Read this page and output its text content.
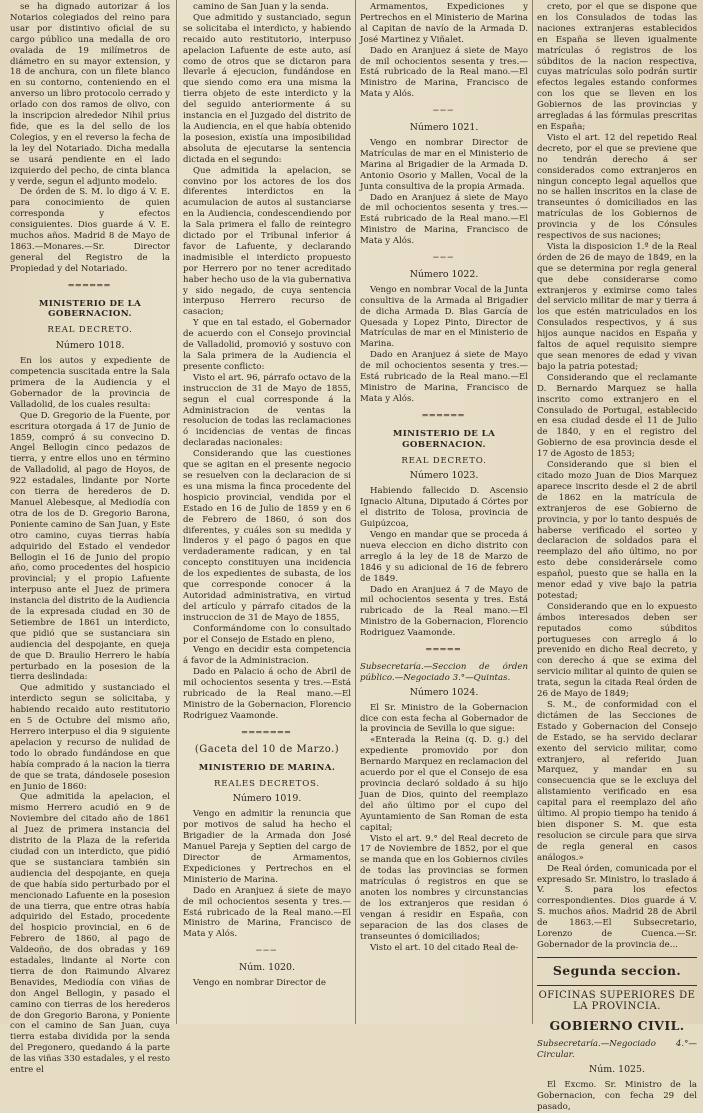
se ha dignado autorizar á los Notarios colegiados del reino para usar por distintivo oficial de su cargo público una medalla de oro ovalada de 19 milímetros de diámetro en su mayor extension, y 18 de anchura, con un filete blanco en su contorno, conteniendo en el anverso un libro protocolo cerrado y orlado con dos ramos de olivo, con la inscripcion alrededor Nihil prius fide, que es la del sello de los Colegios, y en el reverso la fecha de la ley del Notariado. Dicha medalla se usará pendiente en el lado izquierdo del pecho, de cinta blanca y verde, segun el adjunto modelo.

De órden de S. M. lo digo á V. E. para conocimiento de quien corresponda y efectos consiguientes. Dios guarde á V. E. muchos años. Madrid 8 de Mayo de 1863.—Monares.—Sr. Director general del Registro de la Propiedad y del Notariado.

══════

MINISTERIO DE LA GOBERNACION.

REAL DECRETO.

Número 1018.

En los autos y expediente de competencia suscitada entre la Sala primera de la Audiencia y el Gobernador de la provincia de Valladolid, de los cuales resulta:

Que D. Gregorio de la Fuente, por escritura otorgada á 17 de Junio de 1859, compró á su convecino D. Angel Bellogin cinco pedazos de tierra, y entre ellos uno en término de Valladolid, al pago de Hoyos, de 922 estadales, lindante por Norte con tierra de herederos de D. Manuel Alebesque, al Mediodía con otra de los de D. Gregorio Barona, Poniente camino de San Juan, y Este otro camino, cuyas tierras había adquirido del Estado el vendedor Bellogin el 16 de Junio del propio año, como procedentes del hospicio provincial; y el propio Lafuente interpuso ante el Juez de primera instancia del distrito de la Audiencia de la expresada ciudad en 30 de Setiembre de 1861 un interdicto, que pidió que se sustanciara sin audiencia del despojante, en queja de que D. Braulio Herrero le había perturbado en la posesion de la tierra deslindada:

Que admitido y sustanciado el interdicto segun se solicitaba, y habiendo recaido auto restitutorio en 5 de Octubre del mismo año, Herrero interpuso el dia 9 siguiente apelacion y recurso de nulidad de todo lo obrado fundándose en que había comprado á la nacion la tierra de que se trata, dándosele posesion en Junio de 1860:

Que admitida la apelacion, el mismo Herrero acudió en 9 de Noviembre del citado año de 1861 al Juez de primera instancia del distrito de la Plaza de la referida ciudad con un interdicto, que pidió que se sustanciara también sin audiencia del despojante, en queja de que había sido perturbado por el mencionado Lafuente en la posesion de una tierra, que entre otras había adquirido del Estado, procedente del hospicio provincial, en 6 de Febrero de 1860, al pago de Valdeoño, de dos obradas y 169 estadales, lindante al Norte con tierra de don Raimundo Alvarez Benavides, Mediodía con viñas de don Angel Bellogin, y pasado el camino con tierras de los herederos de don Gregorio Barona, y Poniente con el camino de San Juan, cuya tierra estaba dividida por la senda del Pregonero, quedando á la parte de las viñas 330 estadales, y el resto entre el

camino de San Juan y la senda.

Que admitido y sustanciado, segun se solicitaba el interdicto, y habiendo recaido auto restitutorio, interpuso apelacion Lafuente de este auto, así como de otros que se dictaron para llevarle á ejecucion, fundándose en que siendo como era una misma la tierra objeto de este interdicto y la del seguido anteriormente á su instancia en el Juzgado del distrito de la Audiencia, en el que había obtenido la posesion, existía una imposibilidad absoluta de ejecutarse la sentencia dictada en el segundo:

Que admitida la apelacion, se convino por los actores de los dos diferentes interdictos en la acumulacion de autos al sustanciarse en la Audiencia, condescendiendo por la Sala primera el fallo de reintegro dictado por el Tribunal inferior á favor de Lafuente, y declarando inadmisible el interdicto propuesto por Herrero por no tener acreditado haber hecho uso de la via gubernativa y sido negado, de cuya sentencia interpuso Herrero recurso de casacion;

Y que en tal estado, el Gobernador de acuerdo con el Consejo provincial de Valladolid, promovió y sostuvo con la Sala primera de la Audiencia el presente conflicto:

Visto el art. 96, párrafo octavo de la instruccion de 31 de Mayo de 1855, segun el cual corresponde á la Administracion de ventas la resolucion de todas las reclamaciones ó incidencias de ventas de fincas declaradas nacionales:

Considerando que las cuestiones que se agitan en el presente negocio se resuelven con la declaracion de si es una misma la finca procedente del hospicio provincial, vendida por el Estado en 16 de Julio de 1859 y en 6 de Febrero de 1860, ó son dos diferentes, y cuáles son su medida y linderos y el pago ó pagos en que verdaderamente radican, y en tal concepto constituyen una incidencia de los expedientes de subasta, de los que corresponde conocer á la Autoridad administrativa, en virtud del artículo y párrafo citados de la instruccion de 31 de Mayo de 1855,

Conformándome con lo consultado por el Consejo de Estado en pleno,

Vengo en decidir esta competencia á favor de la Administracion.

Dado en Palacio á ocho de Abril de mil ochocientos sesenta y tres.—Está rubricado de la Real mano.—El Ministro de la Gobernacion, Florencio Rodriguez Vaamonde.

═══════

(Gaceta del 10 de Marzo.)

MINISTERIO DE MARINA.

REALES DECRETOS.

Número 1019.

Vengo en admitir la renuncia que por motivos de salud ha hecho el Brigadier de la Armada don José Manuel Pareja y Septien del cargo de Director de Armamentos, Expediciones y Pertrechos en el Ministerio de Marina.

Dado en Aranjuez á siete de mayo de mil ochocientos sesenta y tres.—Está rubricado de la Real mano.—El Ministro de Marina, Francisco de Mata y Alós.

───

Núm. 1020.

Vengo en nombrar Director de

Armamentos, Expediciones y Pertrechos en el Ministerio de Marina al Capitan de navío de la Armada D. José Martinez y Viñalet.

Dado en Aranjuez á siete de Mayo de mil ochocientos sesenta y tres.—Está rubricado de la Real mano.—El Ministro de Marina, Francisco de Mata y Alós.

───

Número 1021.

Vengo en nombrar Director de Matrículas de mar en el Ministerio de Marina al Brigadier de la Armada D. Antonio Osorio y Mallen, Vocal de la Junta consultiva de la propia Armada.

Dado en Aranjuez á siete de Mayo de mil ochocientos sesenta y tres.—Está rubricado de la Real mano.—El Ministro de Marina, Francisco de Mata y Alós.

───

Número 1022.

Vengo en nombrar Vocal de la Junta consultiva de la Armada al Brigadier de dicha Armada D. Blas García de Quesada y Lopez Pinto, Director de Matrículas de mar en el Ministerio de Marina.

Dado en Aranjuez á siete de Mayo de mil ochocientos sesenta y tres.—Está rubricado de la Real mano.—El Ministro de Marina, Francisco de Mata y Alós.

══════

MINISTERIO DE LA GOBERNACION.

REAL DECRETO.

Número 1023.

Habiendo fallecido D. Ascensio Ignacio Altuna, Diputado á Córtes por el distrito de Tolosa, provincia de Guipúzcoa,

Vengo en mandar que se proceda á nueva eleccion en dicho distrito con arreglo á la ley de 18 de Marzo de 1846 y su adicional de 16 de febrero de 1849.

Dado en Aranjuez á 7 de Mayo de mil ochocientos sesenta y tres. Está rubricado de la Real mano.—El Ministro de la Gobernacion, Florencio Rodriguez Vaamonde.

═════

Subsecretaría.—Seccion de órden público.—Negociado 3.°—Quintas.

Número 1024.

El Sr. Ministro de la Gobernacion dice con esta fecha al Gobernador de la provincia de Sevilla lo que sigue:

«Enterada la Reina (q. D. g.) del expediente promovido por don Bernardo Marquez en reclamacion del acuerdo por el que el Consejo de esa provincia declaró soldado á su hijo Juan de Dios, quinto del reemplazo del año último por el cupo del Ayuntamiento de San Roman de esta capital;

Visto el art. 9.° del Real decreto de 17 de Noviembre de 1852, por el que se manda que en los Gobiernos civiles de todas las provincias se formen matrículas ó registros en que se anoten los nombres y circunstancias de los extranjeros que residan ó vengan á residir en España, con separacion de las dos clases de transeuntes ó domiciliados;

Visto el art. 10 del citado Real de-

creto, por el que se dispone que en los Consulados de todas las naciones extranjeras establecidos en España se lleven igualmente matrículas ó registros de los súbditos de la nacion respectiva, cuyas matrículas solo podrán surtir efectos legales estando conformes con los que se lleven en los Gobiernos de las provincias y arregladas á las fórmulas prescritas en España;

Visto el art. 12 del repetido Real decreto, por el que se previene que no tendrán derecho á ser considerados como extranjeros en ningun concepto legal aquellos que no se hallen inscritos en la clase de transeuntes ó domiciliados en las matrículas de los Gobiernos de provincia y de los Cónsules respectivos de sus naciones;

Vista la disposicion 1.ª de la Real órden de 26 de mayo de 1849, en la que se determina por regla general que debe considerarse como extranjeros y eximirse como tales del servicio militar de mar y tierra á los que estén matriculados en los Consulados respectivos, y á sus hijos aunque nacidos en España y faltos de aquel requisito siempre que sean menores de edad y vivan bajo la patria potestad;

Considerando que el reclamante D. Bernardo Marquez se halla inscrito como extranjero en el Consulado de Portugal, establecido en esa ciudad desde el 11 de Julio de 1840, y en el registro del Gobierno de esa provincia desde el 17 de Agosto de 1853;

Considerando que si bien el citado mozo Juan de Dios Marquez aparece inscrito desde el 2 de abril de 1862 en la matrícula de extranjeros de ese Gobierno de provincia, y por lo tanto después de haberse verificado el sorteo y declaracion de soldados para el reemplazo del año último, no por esto debe considerársele como español, puesto que se halla en la menor edad y vive bajo la patria potestad;

Considerando que en lo expuesto ámbos interesados deben ser reputados como súbditos portugueses con arreglo á lo prevenido en dicho Real decreto, y con derecho á que se exima del servicio militar al quinto de quien se trata, segun la citada Real órden de 26 de Mayo de 1849;

S. M., de conformidad con el dictámen de las Secciones de Estado y Gobernacion del Consejo de Estado, se ha servido declarar exento del servicio militar, como extranjero, al referido Juan Marquez, y mandar en su consecuencia que se le excluya del alistamiento verificado en esa capital para el reemplazo del año último. Al propio tiempo ha tenido á bien disponer S. M. que esta resolucion se circule para que sirva de regla general en casos análogos.»

De Real órden, comunicada por el expresado Sr. Ministro, lo traslado á V. S. para los efectos correspondientes. Dios guarde á V. S. muchos años. Madrid 28 de Abril de 1863.—El Subsecretario, Lorenzo de Cuenca.—Sr. Gobernador de la provincia de...

Segunda seccion.

OFICINAS SUPERIORES DE LA PROVINCIA.

GOBIERNO CIVIL.

Subsecretaría.—Negociado 4.°—Circular.

Núm. 1025.

El Excmo. Sr. Ministro de la Gobernacion, con fecha 29 del pasado,
